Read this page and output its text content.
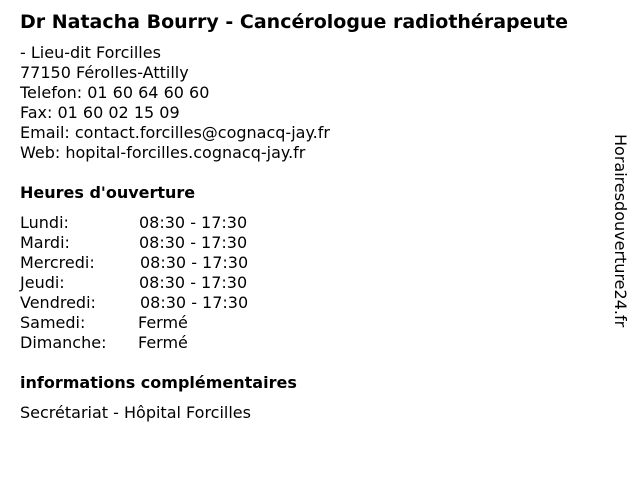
Dr Natacha Bourry - Cancérologue radiothérapeute
- Lieu-dit Forcilles
77150 Férolles-Attilly
Telefon: 01 60 64 60 60
Fax: 01 60 02 15 09
Email: contact.forcilles@cognacq-jay.fr
Web: hopital-forcilles.cognacq-jay.fr
Heures d'ouverture
Lundi:	08:30 - 17:30
Mardi:	08:30 - 17:30
Mercredi:	08:30 - 17:30
Jeudi:	08:30 - 17:30
Vendredi:	08:30 - 17:30
Samedi:	Fermé
Dimanche: Fermé
informations complémentaires
Secrétariat - Hôpital Forcilles
Horairesdouverture24.fr
